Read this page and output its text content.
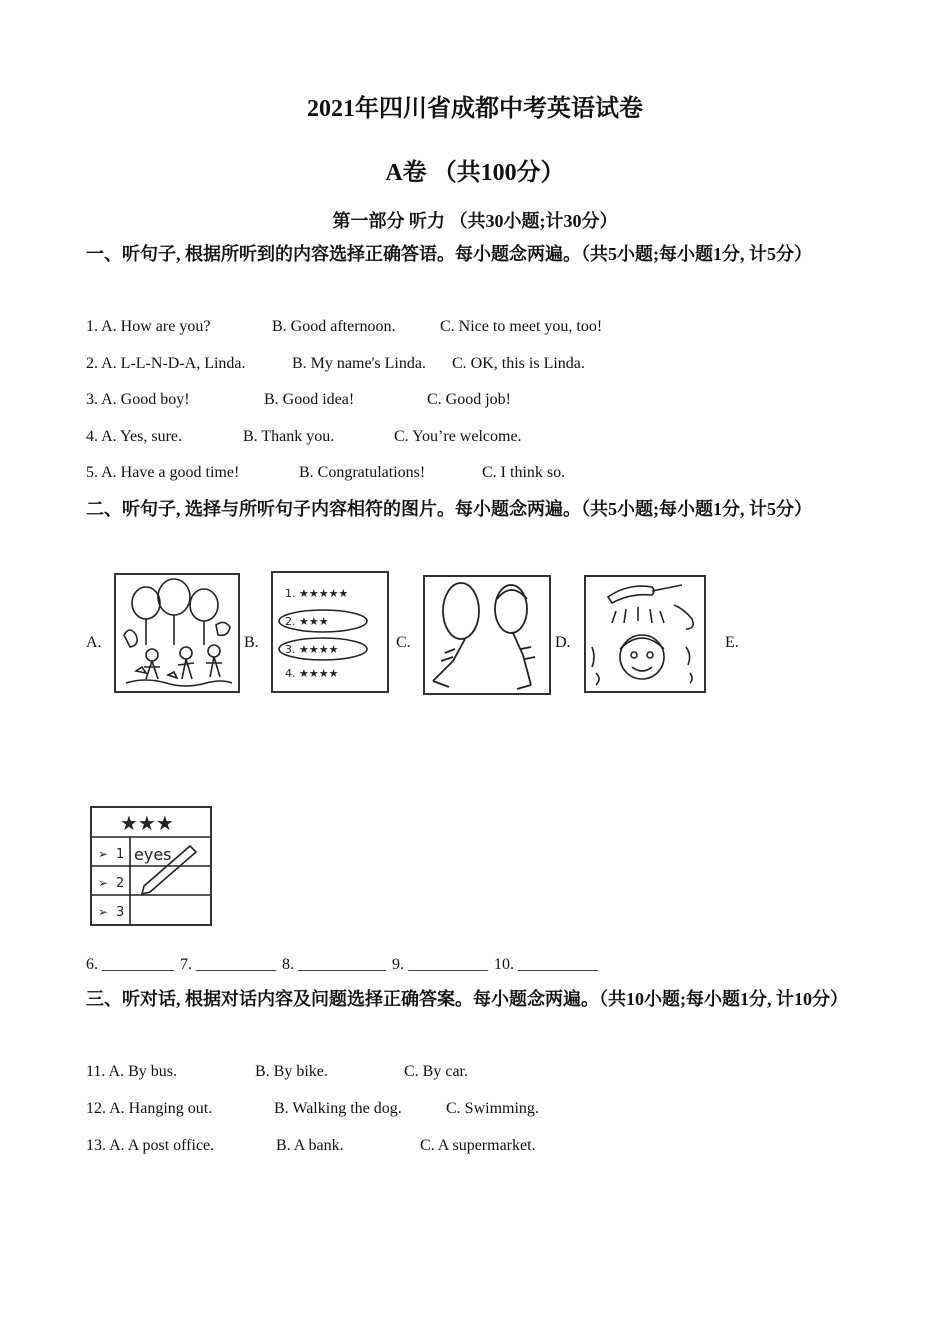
2021年四川省成都中考英语试卷
A卷 （共100分）
第一部分 听力 （共30小题;计30分）
一、听句子, 根据所听到的内容选择正确答语。每小题念两遍。（共5小题;每小题1分, 计5分）
1. A. How are you?	B. Good afternoon.	C. Nice to meet you, too!
2. A. L-L-N-D-A, Linda.	B. My name's Linda. C. OK, this is Linda.
3. A. Good boy!	B. Good idea!	C. Good job!
4. A. Yes, sure.	B. Thank you.	C. You’re welcome.
5. A. Have a good time!	B. Congratulations!	C. I think so.
二、听句子, 选择与所听句子内容相符的图片。每小题念两遍。（共5小题;每小题1分, 计5分）
A.	B.	C.	D.	E.
1. ★★★★★
2. ★★★
3. ★★★★
4. ★★★★
★★★
➢ 1
➢ 2
➢ 3
eyes
6. _________ 7. __________ 8. ___________ 9. __________ 10. __________
三、听对话, 根据对话内容及问题选择正确答案。每小题念两遍。（共10小题;每小题1分, 计10分）
11. A. By bus.	B. By bike.	C. By car.
12. A. Hanging out.	B. Walking the dog.	C. Swimming.
13. A. A post office.	B. A bank.	C. A supermarket.
